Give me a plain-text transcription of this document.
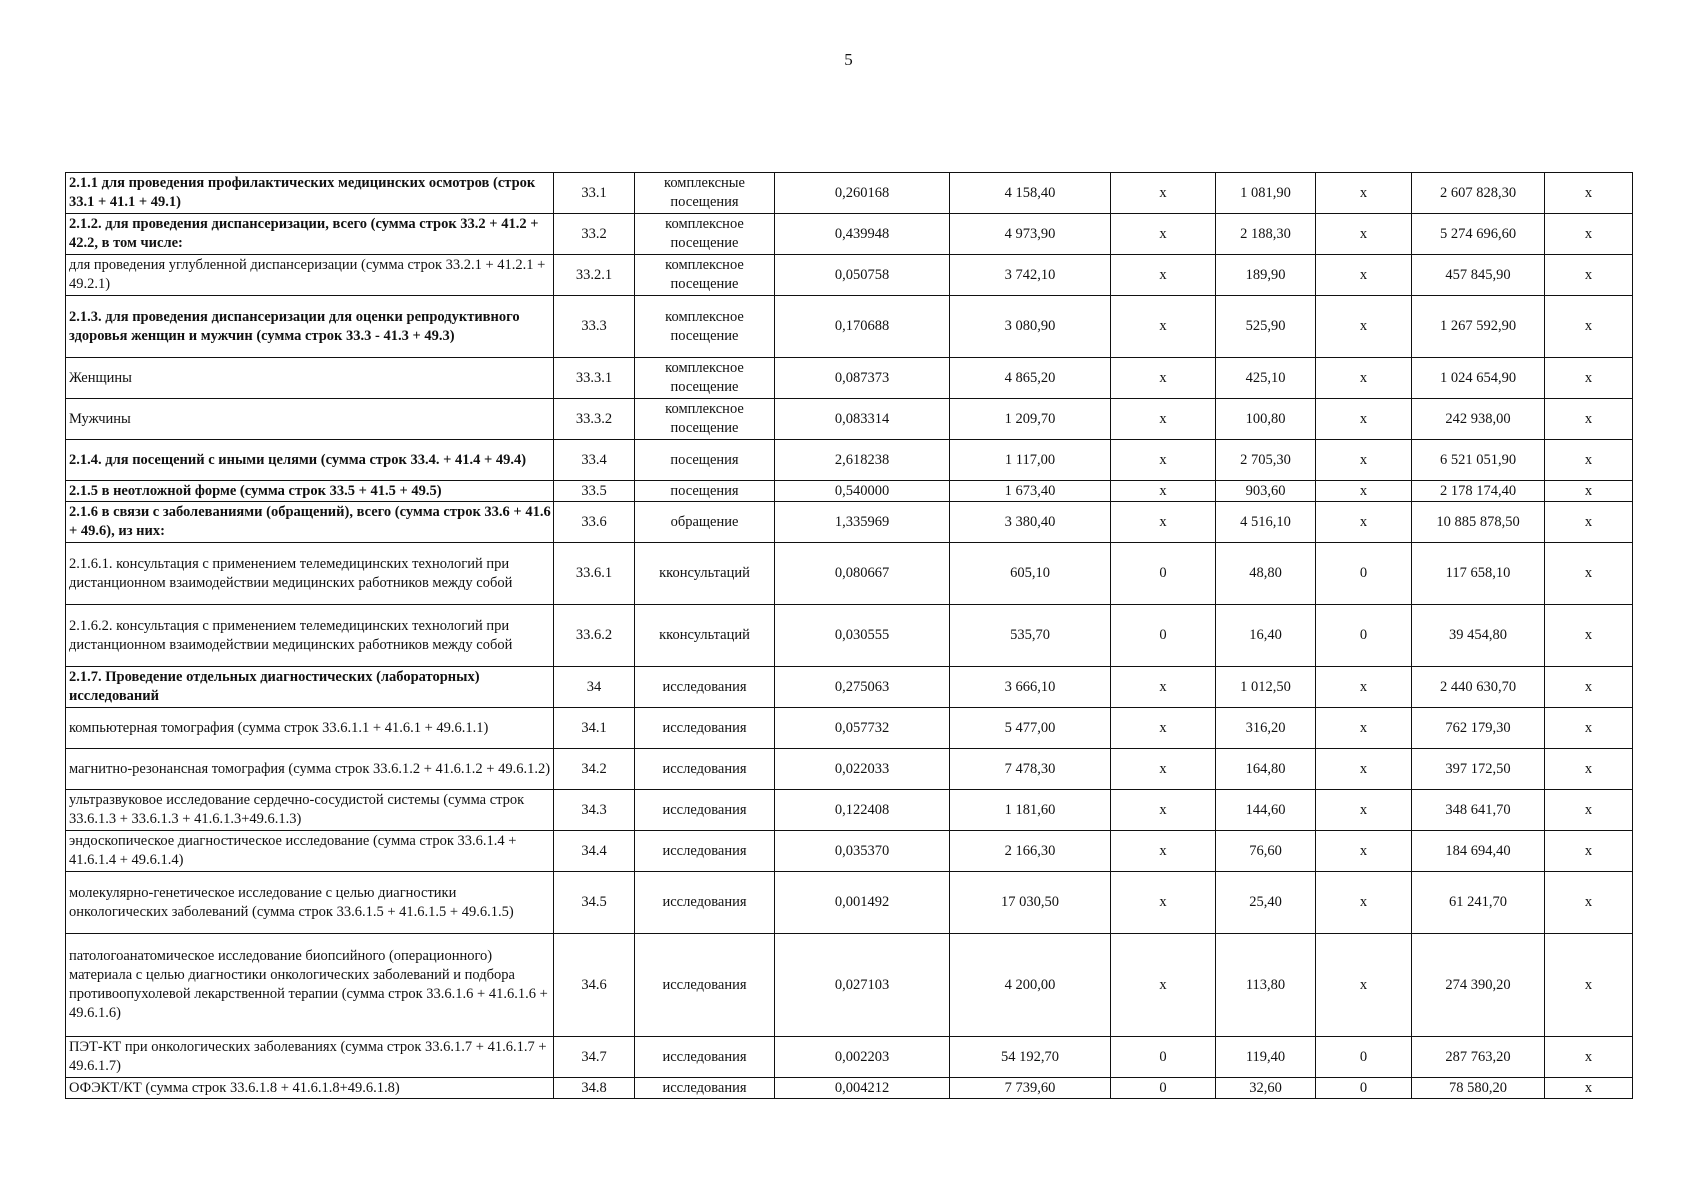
5
2.1.1 для проведения профилактических медицинских осмотров (строк 33.1 + 41.1 + 49.1)	33.1	комплексные посещения	0,260168	4 158,40	х	1 081,90	х	2 607 828,30	х
2.1.2. для проведения диспансеризации, всего (сумма строк 33.2 + 41.2 + 42.2, в том числе:	33.2	комплексное посещение	0,439948	4 973,90	х	2 188,30	х	5 274 696,60	х
для проведения углубленной диспансеризации (сумма строк 33.2.1 + 41.2.1 + 49.2.1)	33.2.1	комплексное посещение	0,050758	3 742,10	х	189,90	х	457 845,90	х
2.1.3. для проведения диспансеризации для оценки репродуктивного здоровья женщин и мужчин (сумма строк 33.3 - 41.3 + 49.3)	33.3	комплексное посещение	0,170688	3 080,90	х	525,90	х	1 267 592,90	х
Женщины	33.3.1	комплексное посещение	0,087373	4 865,20	х	425,10	х	1 024 654,90	х
Мужчины	33.3.2	комплексное посещение	0,083314	1 209,70	х	100,80	х	242 938,00	х
2.1.4. для посещений с иными целями (сумма строк 33.4. + 41.4 + 49.4)	33.4	посещения	2,618238	1 117,00	х	2 705,30	х	6 521 051,90	х
2.1.5 в неотложной форме (сумма строк 33.5 + 41.5 + 49.5)	33.5	посещения	0,540000	1 673,40	х	903,60	х	2 178 174,40	х
2.1.6 в связи с заболеваниями (обращений), всего (сумма строк 33.6 + 41.6 + 49.6), из них:	33.6	обращение	1,335969	3 380,40	х	4 516,10	х	10 885 878,50	х
2.1.6.1. консультация с применением телемедицинских технологий при дистанционном взаимодействии медицинских работников между собой	33.6.1	кконсультаций	0,080667	605,10	0	48,80	0	117 658,10	х
2.1.6.2. консультация с применением телемедицинских технологий при дистанционном взаимодействии медицинских работников между собой	33.6.2	кконсультаций	0,030555	535,70	0	16,40	0	39 454,80	х
2.1.7. Проведение отдельных диагностических (лабораторных) исследований	34	исследования	0,275063	3 666,10	х	1 012,50	х	2 440 630,70	х
компьютерная томография (сумма строк 33.6.1.1 + 41.6.1 + 49.6.1.1)	34.1	исследования	0,057732	5 477,00	х	316,20	х	762 179,30	х
магнитно-резонансная томография (сумма строк 33.6.1.2 + 41.6.1.2 + 49.6.1.2)	34.2	исследования	0,022033	7 478,30	х	164,80	х	397 172,50	х
ультразвуковое исследование сердечно-сосудистой системы (сумма строк 33.6.1.3 + 33.6.1.3 + 41.6.1.3+49.6.1.3)	34.3	исследования	0,122408	1 181,60	х	144,60	х	348 641,70	х
эндоскопическое диагностическое исследование (сумма строк 33.6.1.4 + 41.6.1.4 + 49.6.1.4)	34.4	исследования	0,035370	2 166,30	х	76,60	х	184 694,40	х
молекулярно-генетическое исследование с целью диагностики онкологических заболеваний (сумма строк 33.6.1.5 + 41.6.1.5 + 49.6.1.5)	34.5	исследования	0,001492	17 030,50	х	25,40	х	61 241,70	х
патологоанатомическое исследование биопсийного (операционного) материала с целью диагностики онкологических заболеваний и подбора противоопухолевой лекарственной терапии (сумма строк 33.6.1.6 + 41.6.1.6 + 49.6.1.6)	34.6	исследования	0,027103	4 200,00	х	113,80	х	274 390,20	х
ПЭТ-КТ при онкологических заболеваниях (сумма строк 33.6.1.7 + 41.6.1.7 + 49.6.1.7)	34.7	исследования	0,002203	54 192,70	0	119,40	0	287 763,20	х
ОФЭКТ/КТ (сумма строк 33.6.1.8 + 41.6.1.8+49.6.1.8)	34.8	исследования	0,004212	7 739,60	0	32,60	0	78 580,20	х
